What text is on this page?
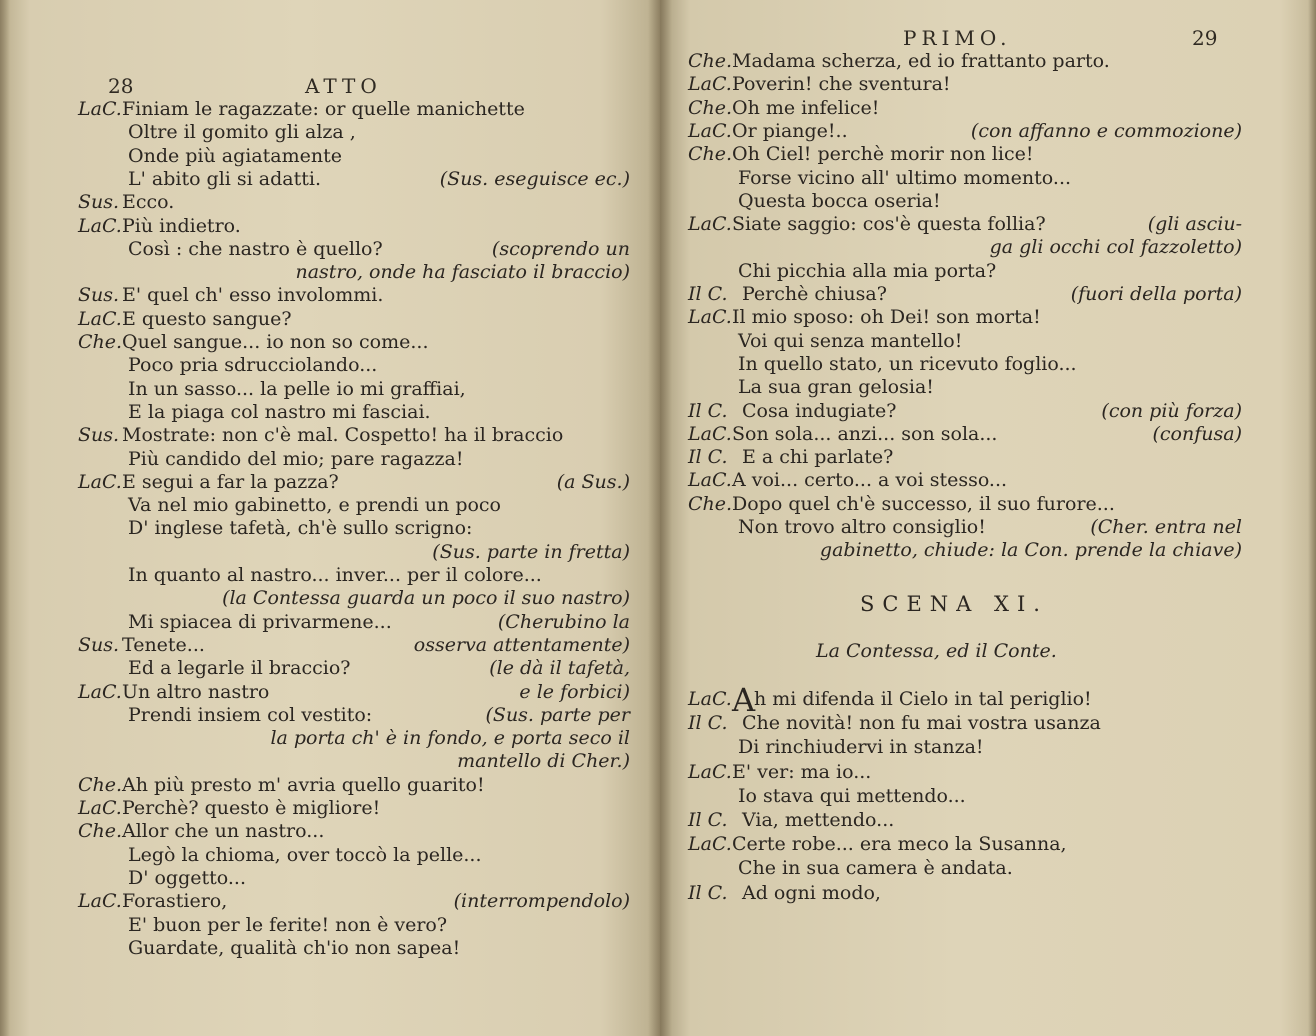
28	ATTO
LaC. Finiam le ragazzate: or quelle manichette
Oltre il gomito gli alza ,
Onde più agiatamente
L' abito gli si adatti.	(Sus. eseguisce ec.)
Sus. Ecco.
LaC. Più indietro.
Così : che nastro è quello?	(scoprendo un
nastro, onde ha fasciato il braccio)
Sus. E' quel ch' esso involommi.
LaC. E questo sangue?
Che. Quel sangue... io non so come...
Poco pria sdrucciolando...
In un sasso... la pelle io mi graffiai,
E la piaga col nastro mi fasciai.
Sus. Mostrate: non c'è mal. Cospetto! ha il braccio
Più candido del mio; pare ragazza!
LaC. E segui a far la pazza?	(a Sus.)
Va nel mio gabinetto, e prendi un poco
D' inglese tafetà, ch'è sullo scrigno:
(Sus. parte in fretta)
In quanto al nastro... inver... per il colore...
(la Contessa guarda un poco il suo nastro)
Mi spiacea di privarmene...	(Cherubino la
Sus. Tenete...	osserva attentamente)
Ed a legarle il braccio?	(le dà il tafetà,
LaC. Un altro nastro	e le forbici)
Prendi insiem col vestito:	(Sus. parte per
la porta ch' è in fondo, e porta seco il
mantello di Cher.)
Che. Ah più presto m' avria quello guarito!
LaC. Perchè? questo è migliore!
Che. Allor che un nastro...
Legò la chioma, over toccò la pelle...
D' oggetto...
LaC. Forastiero,	(interrompendolo)
E' buon per le ferite! non è vero?
Guardate, qualità ch'io non sapea!
PRIMO.	29
Che. Madama scherza, ed io frattanto parto.
LaC. Poverin! che sventura!
Che. Oh me infelice!
LaC. Or piange!..	(con affanno e commozione)
Che. Oh Ciel! perchè morir non lice!
Forse vicino all' ultimo momento...
Questa bocca oseria!
LaC. Siate saggio: cos'è questa follia?	(gli asciu-
ga gli occhi col fazzoletto)
Chi picchia alla mia porta?
Il C. Perchè chiusa?	(fuori della porta)
LaC. Il mio sposo: oh Dei! son morta!
Voi qui senza mantello!
In quello stato, un ricevuto foglio...
La sua gran gelosia!
Il C. Cosa indugiate?	(con più forza)
LaC. Son sola... anzi... son sola...	(confusa)
Il C. E a chi parlate?
LaC. A voi... certo... a voi stesso...
Che. Dopo quel ch'è successo, il suo furore...
Non trovo altro consiglio!	(Cher. entra nel
gabinetto, chiude: la Con. prende la chiave)
SCENA XI.
La Contessa, ed il Conte.
LaC. A
h mi difenda il Cielo in tal periglio!
Il C. Che novità! non fu mai vostra usanza
Di rinchiudervi in stanza!
LaC. E' ver: ma io...
Io stava qui mettendo...
Il C. Via, mettendo...
LaC. Certe robe... era meco la Susanna,
Che in sua camera è andata.
Il C. Ad ogni modo,
